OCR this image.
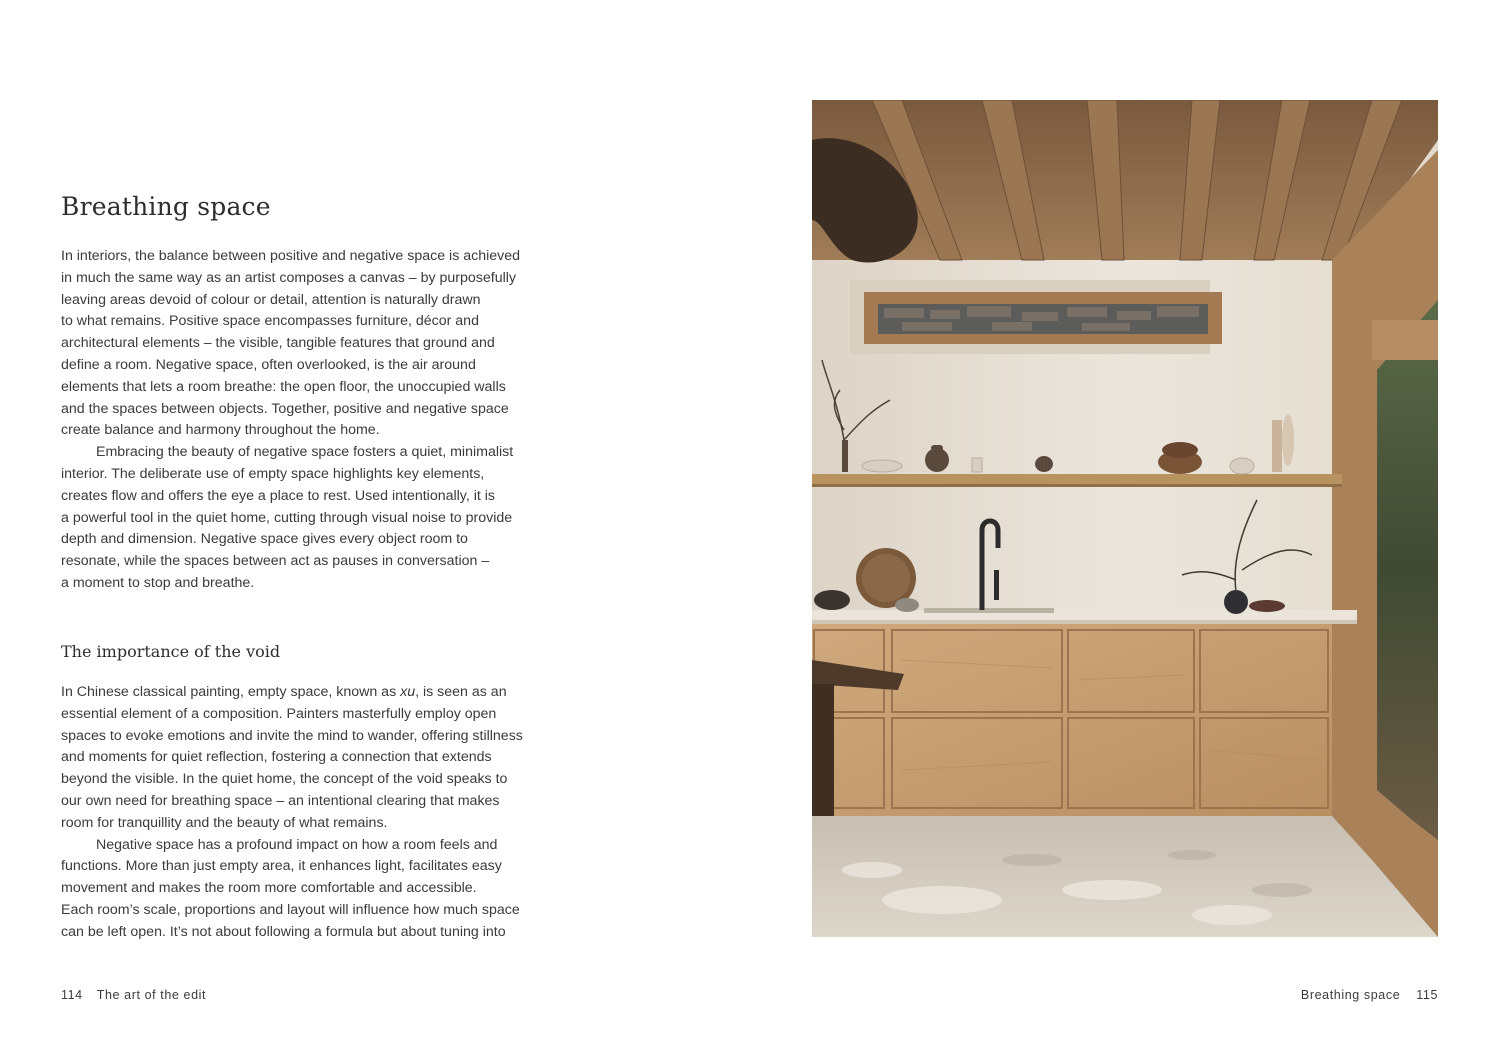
Breathing space

In interiors, the balance between positive and negative space is achieved

in much the same way as an artist composes a canvas – by purposefully

leaving areas devoid of colour or detail, attention is naturally drawn

to what remains. Positive space encompasses furniture, décor and

architectural elements – the visible, tangible features that ground and

define a room. Negative space, often overlooked, is the air around

elements that lets a room breathe: the open floor, the unoccupied walls

and the spaces between objects. Together, positive and negative space

create balance and harmony throughout the home.

Embracing the beauty of negative space fosters a quiet, minimalist

interior. The deliberate use of empty space highlights key elements,

creates flow and offers the eye a place to rest. Used intentionally, it is

a powerful tool in the quiet home, cutting through visual noise to provide

depth and dimension. Negative space gives every object room to

resonate, while the spaces between act as pauses in conversation –

a moment to stop and breathe.

The importance of the void

In Chinese classical painting, empty space, known as xu, is seen as an

essential element of a composition. Painters masterfully employ open

spaces to evoke emotions and invite the mind to wander, offering stillness

and moments for quiet reflection, fostering a connection that extends

beyond the visible. In the quiet home, the concept of the void speaks to

our own need for breathing space – an intentional clearing that makes

room for tranquillity and the beauty of what remains.

Negative space has a profound impact on how a room feels and

functions. More than just empty area, it enhances light, facilitates easy

movement and makes the room more comfortable and accessible.

Each room’s scale, proportions and layout will influence how much space

can be left open. It’s not about following a formula but about tuning into

114 The art of the edit	Breathing space 115
